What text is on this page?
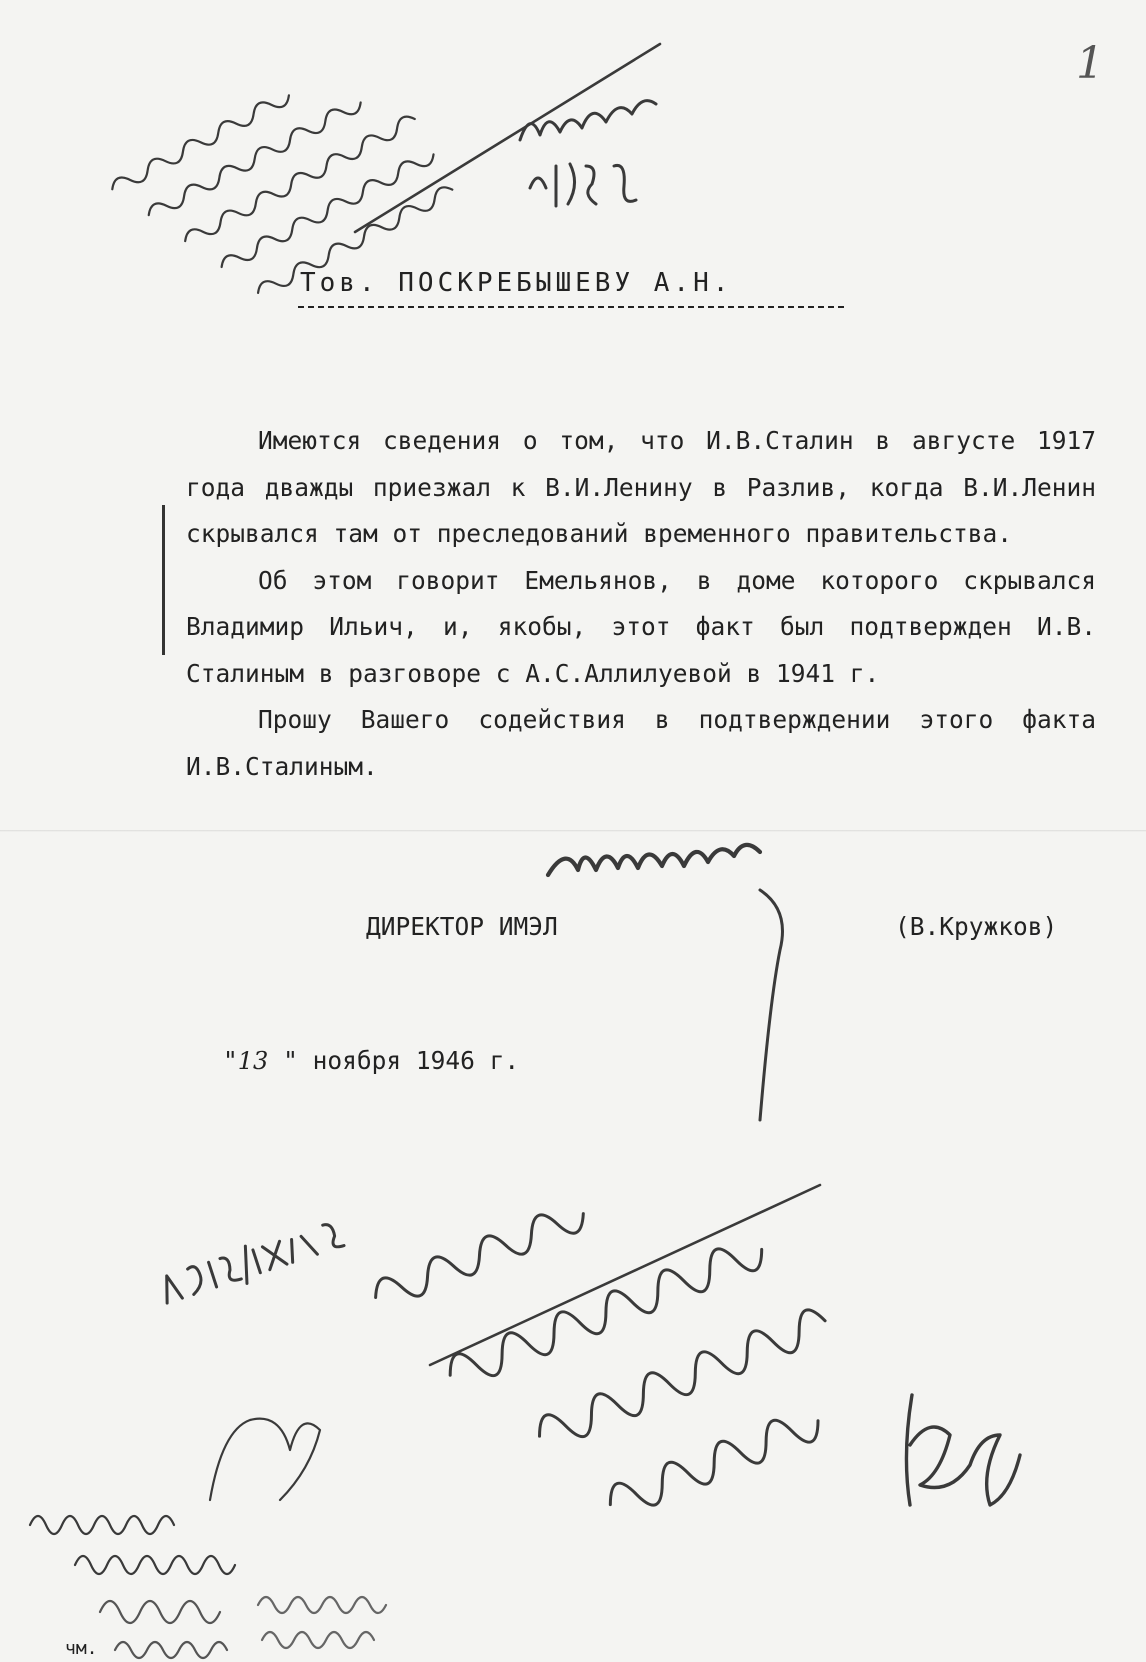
1
Тов. ПОСКРЕБЫШЕВУ А.Н.

Имеются сведения о том, что И.В.Сталин в августе 1917 года дважды приезжал к В.И.Ленину в Разлив, когда В.И.Ленин скрывался там от преследований временного правительства.

Об этом говорит Емельянов, в доме которого скрывался Владимир Ильич, и, якобы, этот факт был подтвержден И.В. Сталиным в разговоре с А.С.Аллилуевой в 1941 г.

Прошу Вашего содействия в подтверждении этого факта И.В.Сталиным.

ДИРЕКТОР ИМЭЛ	(В.Кружков)
"13 " ноября 1946 г.
чм.
